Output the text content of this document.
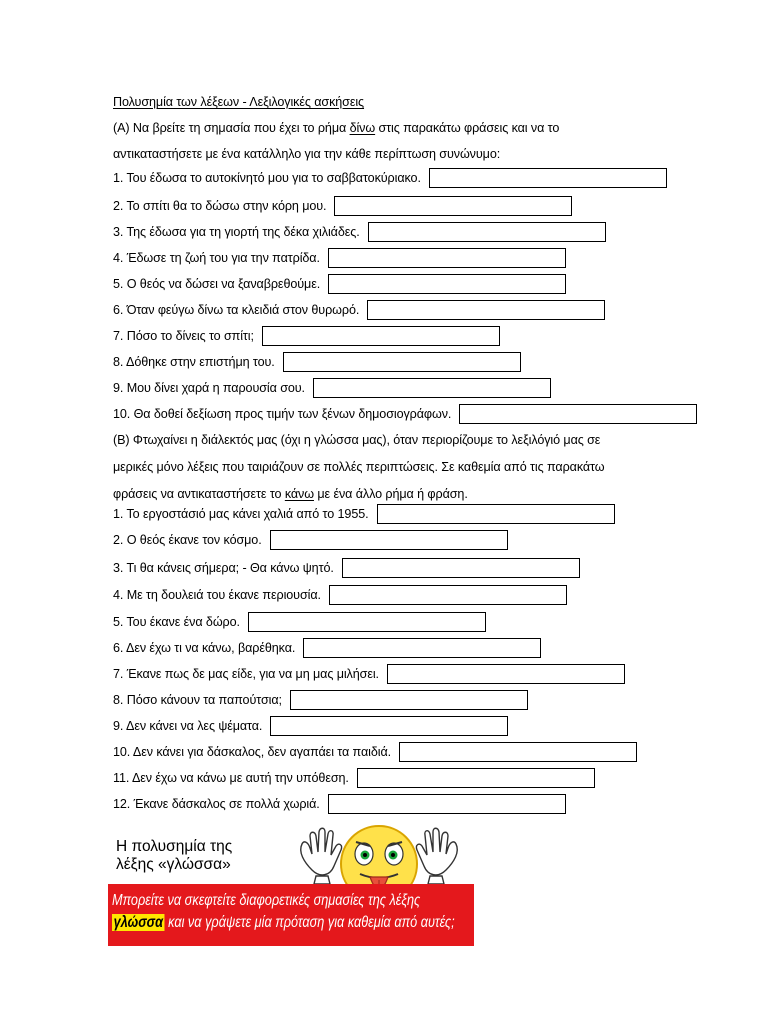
Πολυσημία των λέξεων - Λεξιλογικές ασκήσεις
(Α) Να βρείτε τη σημασία που έχει το ρήμα δίνω στις παρακάτω φράσεις και να το
αντικαταστήσετε με ένα κατάλληλο για την κάθε περίπτωση συνώνυμο:
1. Του έδωσα το αυτοκίνητό μου για το σαββατοκύριακο.
2. Το σπίτι θα το δώσω στην κόρη μου.
3. Της έδωσα για τη γιορτή της δέκα χιλιάδες.
4. Έδωσε τη ζωή του για την πατρίδα.
5. Ο θεός να δώσει να ξαναβρεθούμε.
6. Όταν φεύγω δίνω τα κλειδιά στον θυρωρό.
7. Πόσο το δίνεις το σπίτι;
8. Δόθηκε στην επιστήμη του.
9. Μου δίνει χαρά η παρουσία σου.
10. Θα δοθεί δεξίωση προς τιμήν των ξένων δημοσιογράφων.
(Β) Φτωχαίνει η διάλεκτός μας (όχι η γλώσσα μας), όταν περιορίζουμε το λεξιλόγιό μας σε
μερικές μόνο λέξεις που ταιριάζουν σε πολλές περιπτώσεις. Σε καθεμία από τις παρακάτω
φράσεις να αντικαταστήσετε το κάνω με ένα άλλο ρήμα ή φράση.
1. Το εργοστάσιό μας κάνει χαλιά από το 1955.
2. Ο θεός έκανε τον κόσμο.
3. Τι θα κάνεις σήμερα; - Θα κάνω ψητό.
4. Με τη δουλειά του έκανε περιουσία.
5. Του έκανε ένα δώρο.
6. Δεν έχω τι να κάνω, βαρέθηκα.
7. Έκανε πως δε μας είδε, για να μη μας μιλήσει.
8. Πόσο κάνουν τα παπούτσια;
9. Δεν κάνει να λες ψέματα.
10. Δεν κάνει για δάσκαλος, δεν αγαπάει τα παιδιά.
11. Δεν έχω να κάνω με αυτή την υπόθεση.
12. Έκανε δάσκαλος σε πολλά χωριά.
Η πολυσημία της
λέξης «γλώσσα»
Μπορείτε να σκεφτείτε διαφορετικές σημασίες της λέξης
γλώσσα και να γράψετε μία πρόταση για καθεμία από αυτές;
